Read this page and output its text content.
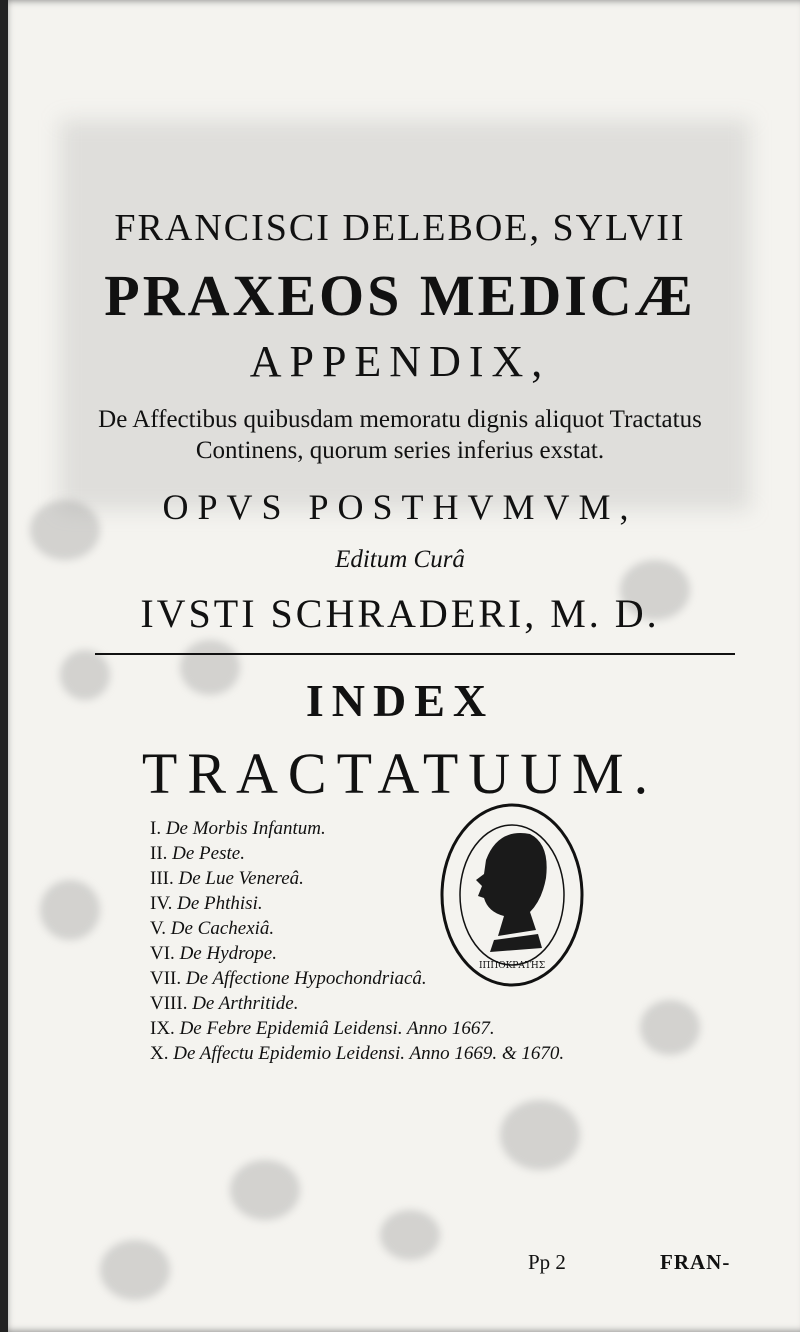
FRANCISCI DELEBOE, SYLVII
PRAXEOS MEDICÆ
APPENDIX,
De Affectibus quibusdam memoratu dignis aliquot Tractatus
Continens, quorum series inferius exstat.
OPVS POSTHVMVM,
Editum Curâ
IVSTI SCHRADERI, M. D.
INDEX
TRACTATUUM.
I. De Morbis Infantum.
II. De Peste.
III. De Lue Venereâ.
IV. De Phthisi.
V. De Cachexiâ.
VI. De Hydrope.
VII. De Affectione Hypochondriacâ.
VIII. De Arthritide.
IX. De Febre Epidemiâ Leidensi. Anno 1667.
X. De Affectu Epidemio Leidensi. Anno 1669. & 1670.
ΙΠΠΟΚΡΑΤΗΣ
Pp 2	FRAN-
